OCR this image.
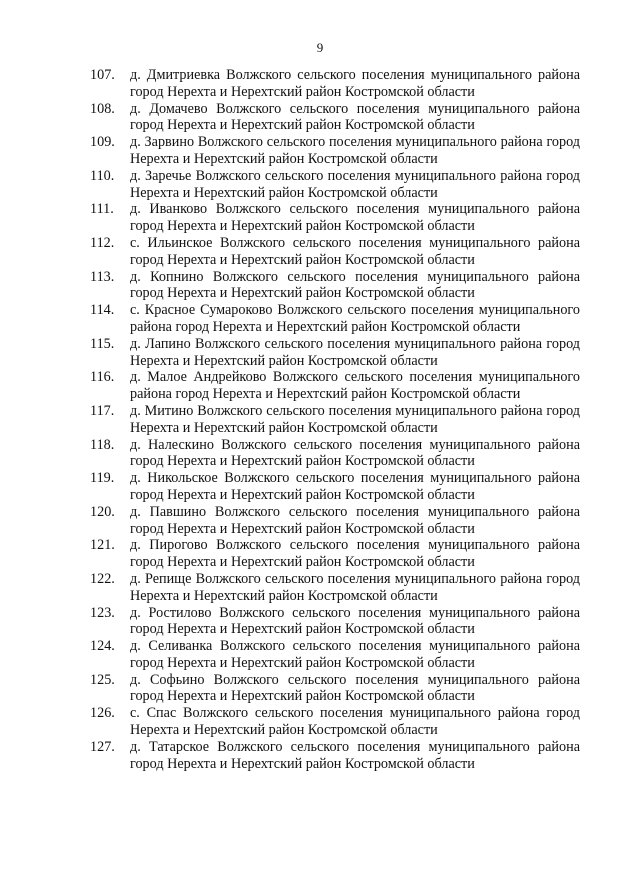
9
107.	д. Дмитриевка Волжского сельского поселения муниципального района город Нерехта и Нерехтский район Костромской области
108.	д. Домачево Волжского сельского поселения муниципального района город Нерехта и Нерехтский район Костромской области
109.	д. Зарвино Волжского сельского поселения муниципального района город Нерехта и Нерехтский район Костромской области
110.	д. Заречье Волжского сельского поселения муниципального района город Нерехта и Нерехтский район Костромской области
111.	д. Иванково Волжского сельского поселения муниципального района город Нерехта и Нерехтский район Костромской области
112.	с. Ильинское Волжского сельского поселения муниципального района город Нерехта и Нерехтский район Костромской области
113.	д. Копнино Волжского сельского поселения муниципального района город Нерехта и Нерехтский район Костромской области
114.	с. Красное Сумароково Волжского сельского поселения муниципального района город Нерехта и Нерехтский район Костромской области
115.	д. Лапино Волжского сельского поселения муниципального района город Нерехта и Нерехтский район Костромской области
116.	д. Малое Андрейково Волжского сельского поселения муниципального района город Нерехта и Нерехтский район Костромской области
117.	д. Митино Волжского сельского поселения муниципального района город Нерехта и Нерехтский район Костромской области
118.	д. Налескино Волжского сельского поселения муниципального района город Нерехта и Нерехтский район Костромской области
119.	д. Никольское Волжского сельского поселения муниципального района город Нерехта и Нерехтский район Костромской области
120.	д. Павшино Волжского сельского поселения муниципального района город Нерехта и Нерехтский район Костромской области
121.	д. Пирогово Волжского сельского поселения муниципального района город Нерехта и Нерехтский район Костромской области
122.	д. Репище Волжского сельского поселения муниципального района город Нерехта и Нерехтский район Костромской области
123.	д. Ростилово Волжского сельского поселения муниципального района город Нерехта и Нерехтский район Костромской области
124.	д. Селиванка Волжского сельского поселения муниципального района город Нерехта и Нерехтский район Костромской области
125.	д. Софьино Волжского сельского поселения муниципального района город Нерехта и Нерехтский район Костромской области
126.	с. Спас Волжского сельского поселения муниципального района город Нерехта и Нерехтский район Костромской области
127.	д. Татарское Волжского сельского поселения муниципального района город Нерехта и Нерехтский район Костромской области
